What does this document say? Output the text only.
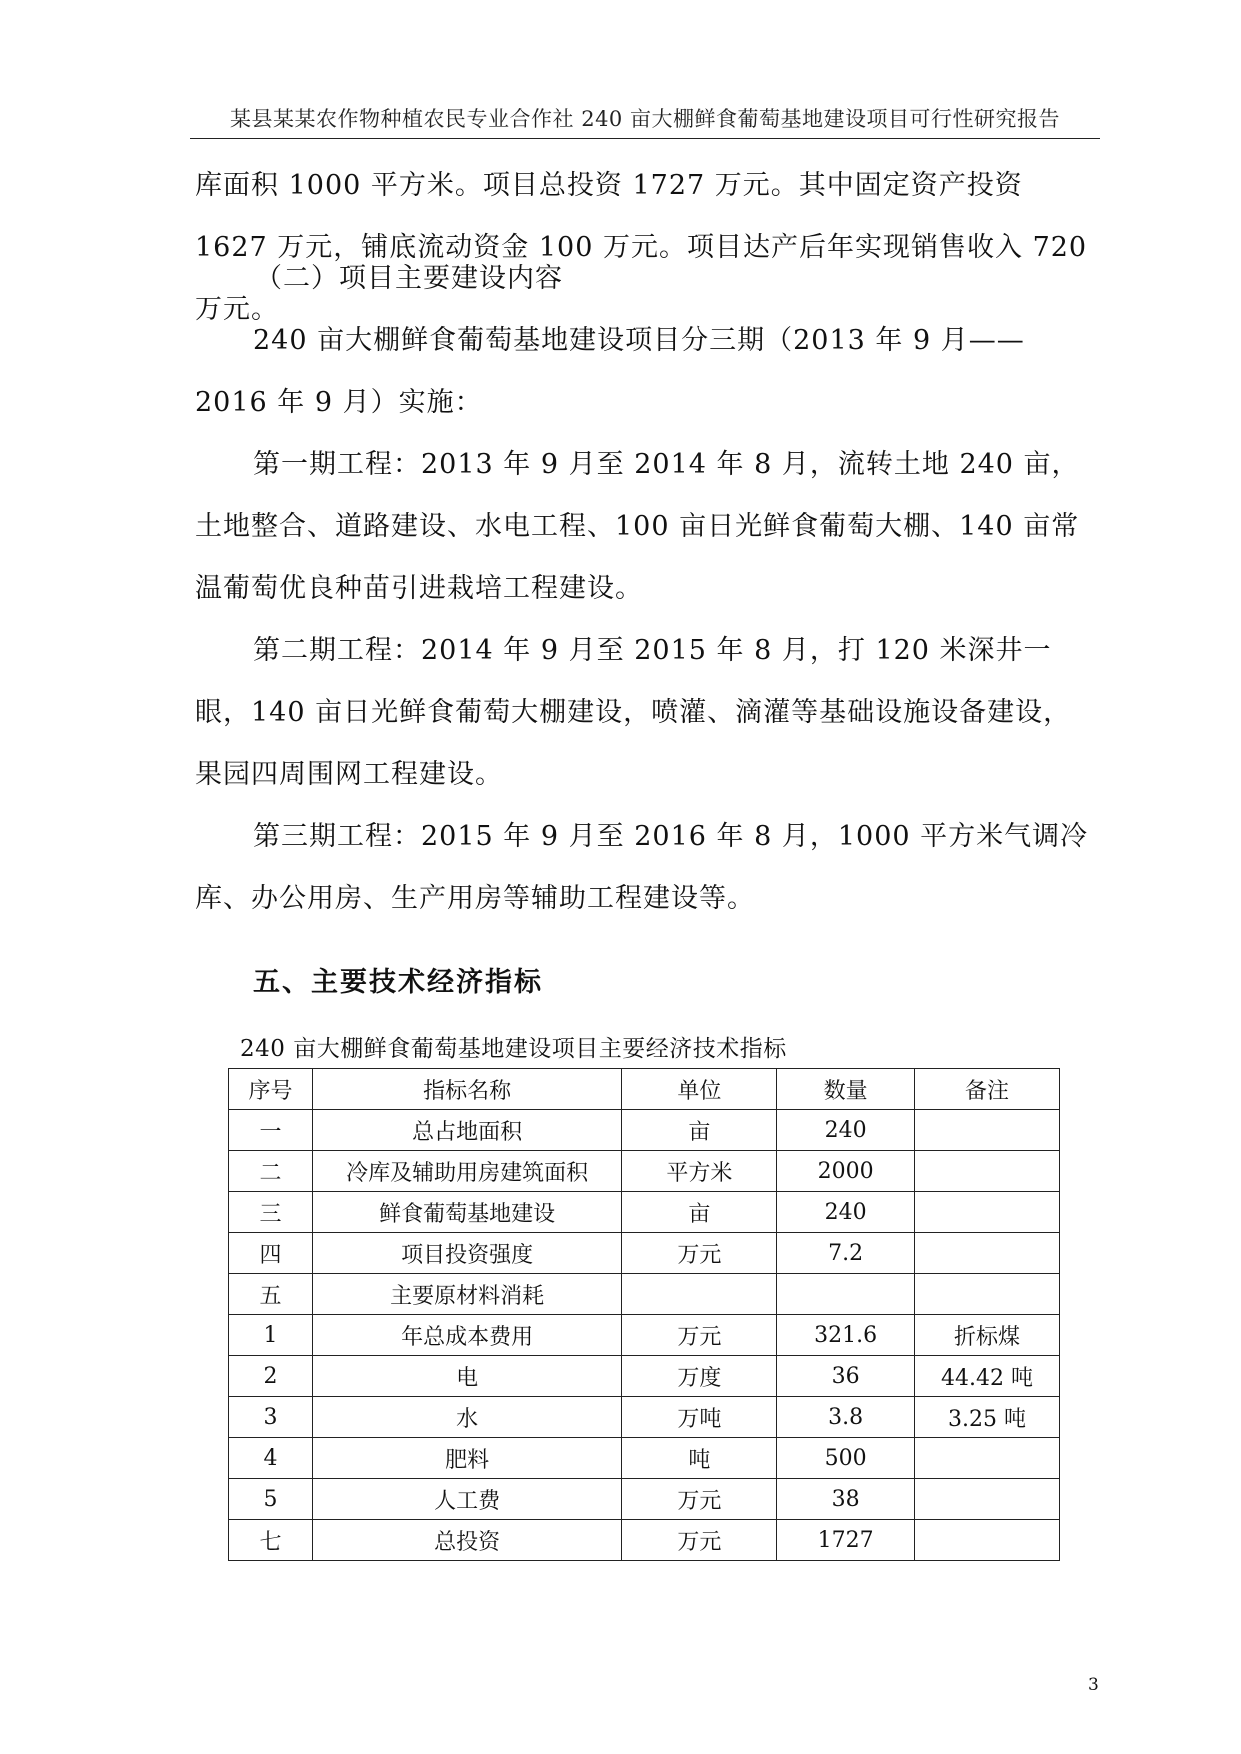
某县某某农作物种植农民专业合作社 240 亩大棚鲜食葡萄基地建设项目可行性研究报告

库面积 1000 平方米。项目总投资 1727 万元。其中固定资产投资 1627 万元，铺底流动资金 100 万元。项目达产后年实现销售收入 720 万元。

（二）项目主要建设内容

240 亩大棚鲜食葡萄基地建设项目分三期（2013 年 9 月——2016 年 9 月）实施：

第一期工程：2013 年 9 月至 2014 年 8 月，流转土地 240 亩，土地整合、道路建设、水电工程、100 亩日光鲜食葡萄大棚、140 亩常温葡萄优良种苗引进栽培工程建设。

第二期工程：2014 年 9 月至 2015 年 8 月，打 120 米深井一眼，140 亩日光鲜食葡萄大棚建设，喷灌、滴灌等基础设施设备建设，果园四周围网工程建设。

第三期工程：2015 年 9 月至 2016 年 8 月，1000 平方米气调冷库、办公用房、生产用房等辅助工程建设等。

五、主要技术经济指标
240 亩大棚鲜食葡萄基地建设项目主要经济技术指标
序号	指标名称	单位	数量	备注
一	总占地面积	亩	240	
二	冷库及辅助用房建筑面积	平方米	2000	
三	鲜食葡萄基地建设	亩	240	
四	项目投资强度	万元	7.2	
五	主要原材料消耗			
1	年总成本费用	万元	321.6	折标煤
2	电	万度	36	44.42 吨
3	水	万吨	3.8	3.25 吨
4	肥料	吨	500	
5	人工费	万元	38	
七	总投资	万元	1727	
3
